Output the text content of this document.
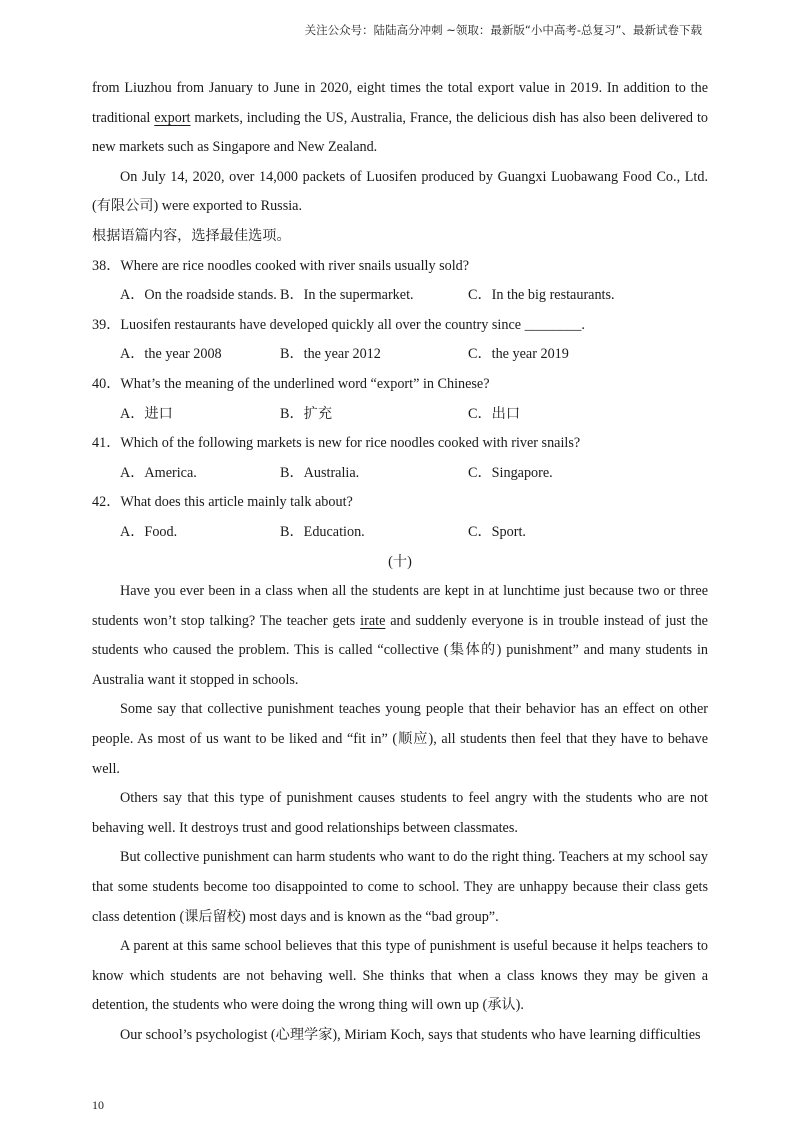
关注公众号：陆陆高分冲刺 ~领取：最新版“小中高考-总复习”、最新试卷下载

from Liuzhou from January to June in 2020, eight times the total export value in 2019. In addition to the traditional export markets, including the US, Australia, France, the delicious dish has also been delivered to new markets such as Singapore and New Zealand.

On July 14, 2020, over 14,000 packets of Luosifen produced by Guangxi Luobawang Food Co., Ltd. (有限公司) were exported to Russia.

根据语篇内容，选择最佳选项。

38．Where are rice noodles cooked with river snails usually sold?

A．On the roadside stands. B．In the supermarket.	C．In the big restaurants.

39．Luosifen restaurants have developed quickly all over the country since ________.

A．the year 2008	B．the year 2012	C．the year 2019

40．What’s the meaning of the underlined word “export” in Chinese?

A．进口	B．扩充	C．出口

41．Which of the following markets is new for rice noodles cooked with river snails?

A．America.	B．Australia.	C．Singapore.

42．What does this article mainly talk about?

A．Food.	B．Education.	C．Sport.

(十)

Have you ever been in a class when all the students are kept in at lunchtime just because two or three students won’t stop talking? The teacher gets irate and suddenly everyone is in trouble instead of just the students who caused the problem. This is called “collective (集体的) punishment” and many students in Australia want it stopped in schools.

Some say that collective punishment teaches young people that their behavior has an effect on other people. As most of us want to be liked and “fit in” (顺应), all students then feel that they have to behave well.

Others say that this type of punishment causes students to feel angry with the students who are not behaving well. It destroys trust and good relationships between classmates.

But collective punishment can harm students who want to do the right thing. Teachers at my school say that some students become too disappointed to come to school. They are unhappy because their class gets class detention (课后留校) most days and is known as the “bad group”.

A parent at this same school believes that this type of punishment is useful because it helps teachers to know which students are not behaving well. She thinks that when a class knows they may be given a detention, the students who were doing the wrong thing will own up (承认).

Our school’s psychologist (心理学家), Miriam Koch, says that students who have learning difficulties

10
